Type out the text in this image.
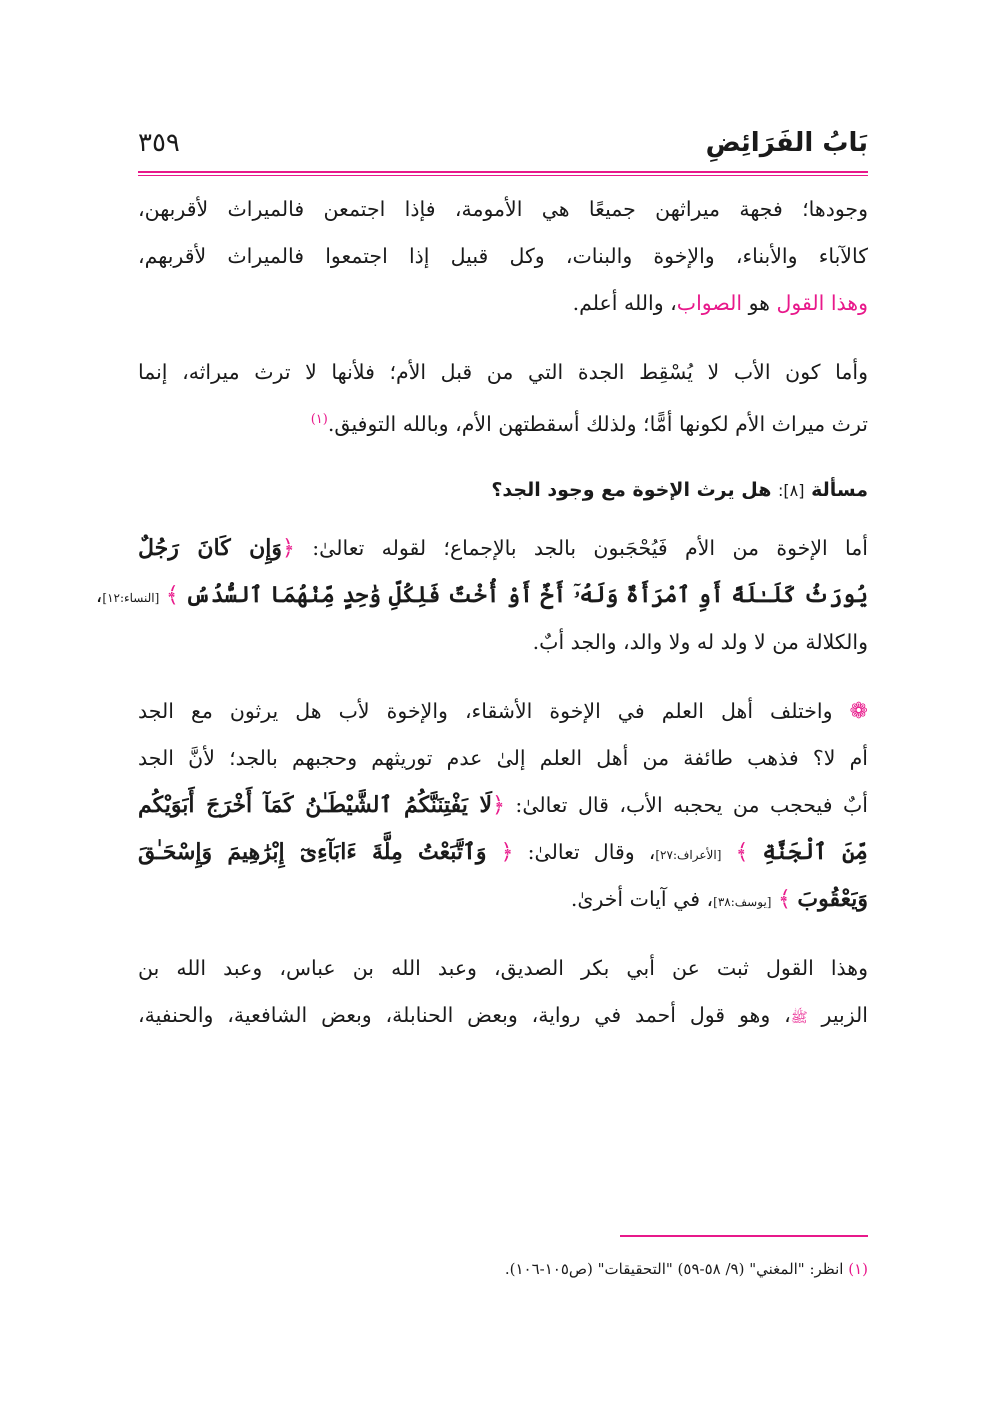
بَابُ الفَرَائِضِ
٣٥٩
وجودها؛ فجهة ميراثهن جميعًا هي الأمومة، فإذا اجتمعن فالميراث لأقربهن،
كالآباء والأبناء، والإخوة والبنات، وكل قبيل إذا اجتمعوا فالميراث لأقربهم،
وهذا القول هو الصواب، والله أعلم.
وأما كون الأب لا يُسْقِط الجدة التي من قبل الأم؛ فلأنها لا ترث ميراثه، إنما
ترث ميراث الأم لكونها أمًّا؛ ولذلك أسقطتهن الأم، وبالله التوفيق.$^{(١)}$
مسألة [٨]: هل يرث الإخوة مع وجود الجد؟
أما الإخوة من الأم فَيُحْجَبون بالجد بالإجماع؛ لقوله تعالىٰ: ﴿وَإِن كَانَ رَجُلٌ
يُورَثُ كَلَـٰلَةً أَوِ ٱمْرَأَةٌ وَلَهُۥٓ أَخٌ أَوْ أُخْتٌ فَلِكُلِّ وَٰحِدٍ مِّنْهُمَا ٱلسُّدُسُ ﴾ [النساء:١٢]،
والكلالة من لا ولد له ولا والد، والجد أبٌ.
❁ واختلف أهل العلم في الإخوة الأشقاء، والإخوة لأب هل يرثون مع الجد
أم لا؟ فذهب طائفة من أهل العلم إلىٰ عدم توريثهم وحجبهم بالجد؛ لأنَّ الجد
أبٌ فيحجب من يحجبه الأب، قال تعالىٰ: ﴿لَا يَفْتِنَنَّكُمُ ٱلشَّيْطَـٰنُ كَمَآ أَخْرَجَ أَبَوَيْكُم
مِّنَ ٱلْجَنَّةِ ﴾ [الأعراف:٢٧]، وقال تعالىٰ: ﴿ وَٱتَّبَعْتُ مِلَّةَ ءَابَآءِىٓ إِبْرَٰهِيمَ وَإِسْحَـٰقَ
وَيَعْقُوبَ ﴾ [يوسف:٣٨]، في آيات أخرىٰ.
وهذا القول ثبت عن أبي بكر الصديق، وعبد الله بن عباس، وعبد الله بن
الزبير ﷺ، وهو قول أحمد في رواية، وبعض الحنابلة، وبعض الشافعية، والحنفية،
(١) انظر: "المغني" (٩/ ٥٨-٥٩) "التحقيقات" (ص١٠٥-١٠٦).
